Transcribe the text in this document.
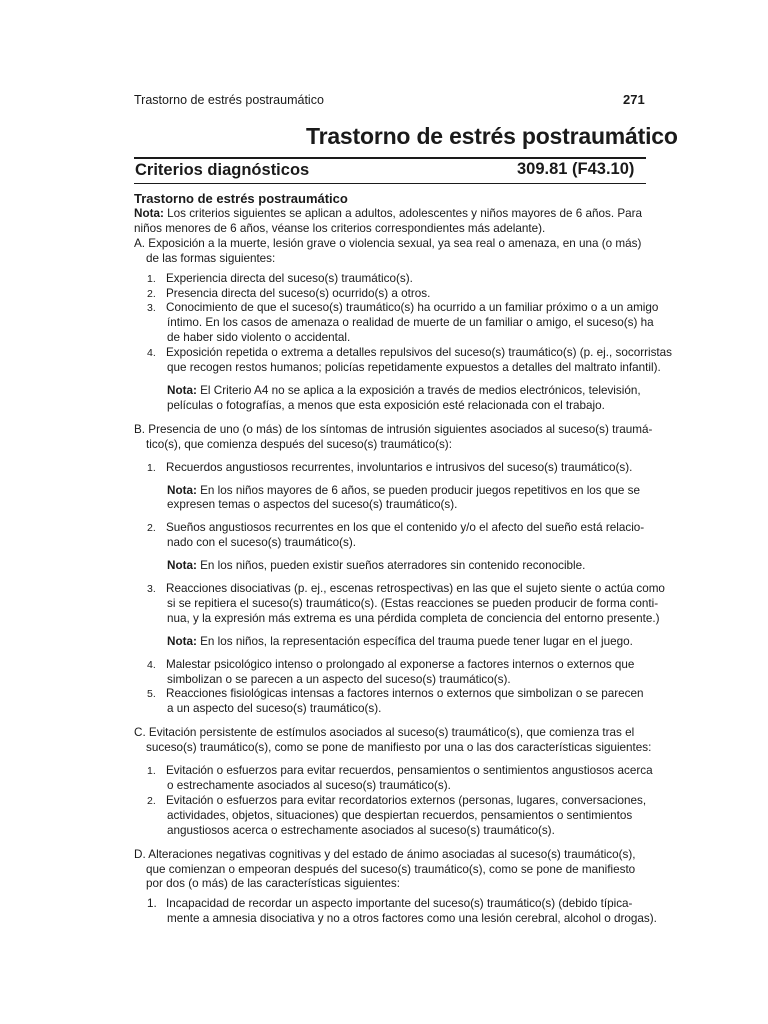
Trastorno de estrés postraumático	271
Trastorno de estrés postraumático
Criterios diagnósticos	309.81 (F43.10)
Trastorno de estrés postraumático
Nota: Los criterios siguientes se aplican a adultos, adolescentes y niños mayores de 6 años. Para
niños menores de 6 años, véanse los criterios correspondientes más adelante).
A. Exposición a la muerte, lesión grave o violencia sexual, ya sea real o amenaza, en una (o más)
de las formas siguientes:
1. Experiencia directa del suceso(s) traumático(s).
2. Presencia directa del suceso(s) ocurrido(s) a otros.
3. Conocimiento de que el suceso(s) traumático(s) ha ocurrido a un familiar próximo o a un amigo
íntimo. En los casos de amenaza o realidad de muerte de un familiar o amigo, el suceso(s) ha
de haber sido violento o accidental.
4. Exposición repetida o extrema a detalles repulsivos del suceso(s) traumático(s) (p. ej., socorristas
que recogen restos humanos; policías repetidamente expuestos a detalles del maltrato infantil).
Nota: El Criterio A4 no se aplica a la exposición a través de medios electrónicos, televisión,
películas o fotografías, a menos que esta exposición esté relacionada con el trabajo.
B. Presencia de uno (o más) de los síntomas de intrusión siguientes asociados al suceso(s) traumá-
tico(s), que comienza después del suceso(s) traumático(s):
1. Recuerdos angustiosos recurrentes, involuntarios e intrusivos del suceso(s) traumático(s).
Nota: En los niños mayores de 6 años, se pueden producir juegos repetitivos en los que se
expresen temas o aspectos del suceso(s) traumático(s).
2. Sueños angustiosos recurrentes en los que el contenido y/o el afecto del sueño está relacio-
nado con el suceso(s) traumático(s).
Nota: En los niños, pueden existir sueños aterradores sin contenido reconocible.
3. Reacciones disociativas (p. ej., escenas retrospectivas) en las que el sujeto siente o actúa como
si se repitiera el suceso(s) traumático(s). (Estas reacciones se pueden producir de forma conti-
nua, y la expresión más extrema es una pérdida completa de conciencia del entorno presente.)
Nota: En los niños, la representación específica del trauma puede tener lugar en el juego.
4. Malestar psicológico intenso o prolongado al exponerse a factores internos o externos que
simbolizan o se parecen a un aspecto del suceso(s) traumático(s).
5. Reacciones fisiológicas intensas a factores internos o externos que simbolizan o se parecen
a un aspecto del suceso(s) traumático(s).
C. Evitación persistente de estímulos asociados al suceso(s) traumático(s), que comienza tras el
suceso(s) traumático(s), como se pone de manifiesto por una o las dos características siguientes:
1. Evitación o esfuerzos para evitar recuerdos, pensamientos o sentimientos angustiosos acerca
o estrechamente asociados al suceso(s) traumático(s).
2. Evitación o esfuerzos para evitar recordatorios externos (personas, lugares, conversaciones,
actividades, objetos, situaciones) que despiertan recuerdos, pensamientos o sentimientos
angustiosos acerca o estrechamente asociados al suceso(s) traumático(s).
D. Alteraciones negativas cognitivas y del estado de ánimo asociadas al suceso(s) traumático(s),
que comienzan o empeoran después del suceso(s) traumático(s), como se pone de manifiesto
por dos (o más) de las características siguientes:
1. Incapacidad de recordar un aspecto importante del suceso(s) traumático(s) (debido típica-
mente a amnesia disociativa y no a otros factores como una lesión cerebral, alcohol o drogas).
